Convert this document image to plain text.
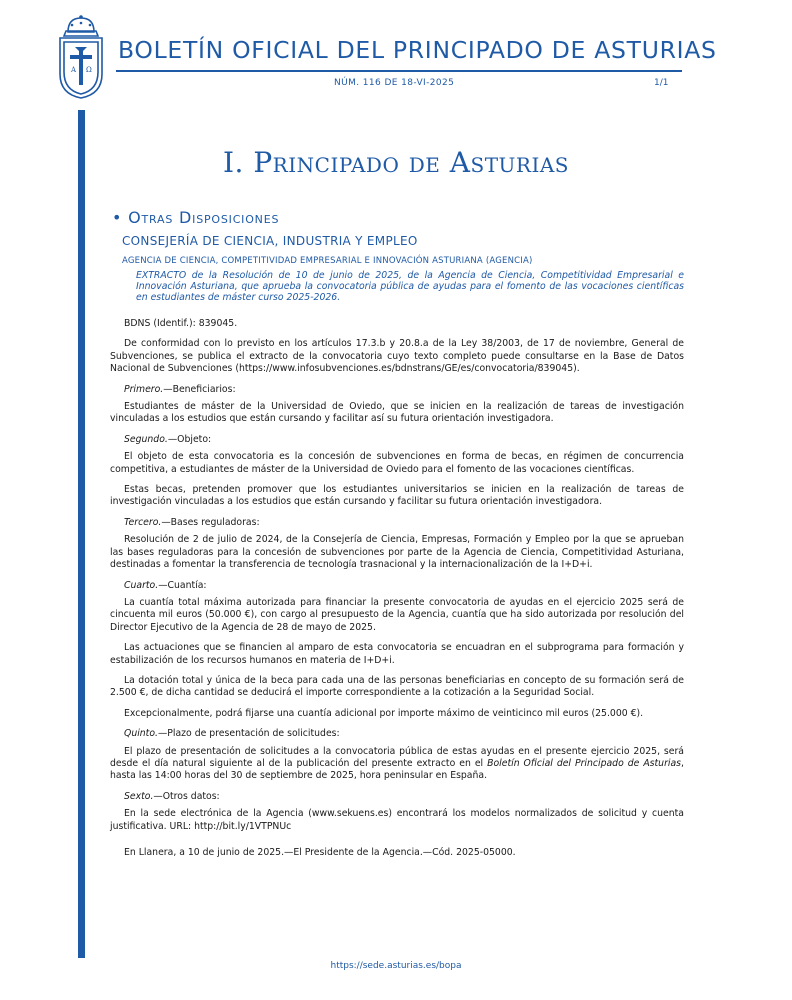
A Ω
Cód. 2025-05000
BOLETÍN OFICIAL DEL PRINCIPADO DE ASTURIAS
NÚM. 116 DE 18-VI-2025	1/1
I. Principado de Asturias
• Otras Disposiciones
CONSEJERÍA DE CIENCIA, INDUSTRIA Y EMPLEO
AGENCIA DE CIENCIA, COMPETITIVIDAD EMPRESARIAL E INNOVACIÓN ASTURIANA (AGENCIA)
EXTRACTO de la Resolución de 10 de junio de 2025, de la Agencia de Ciencia, Competitividad Empresarial e Innovación Asturiana, que aprueba la convocatoria pública de ayudas para el fomento de las vocaciones científicas en estudiantes de máster curso 2025-2026.

BDNS (Identif.): 839045.

De conformidad con lo previsto en los artículos 17.3.b y 20.8.a de la Ley 38/2003, de 17 de noviembre, General de Subvenciones, se publica el extracto de la convocatoria cuyo texto completo puede consultarse en la Base de Datos Nacional de Subvenciones (https://www.infosubvenciones.es/bdnstrans/GE/es/convocatoria/839045).

Primero.—Beneficiarios:

Estudiantes de máster de la Universidad de Oviedo, que se inicien en la realización de tareas de investigación vinculadas a los estudios que están cursando y facilitar así su futura orientación investigadora.

Segundo.—Objeto:

El objeto de esta convocatoria es la concesión de subvenciones en forma de becas, en régimen de concurrencia competitiva, a estudiantes de máster de la Universidad de Oviedo para el fomento de las vocaciones científicas.

Estas becas, pretenden promover que los estudiantes universitarios se inicien en la realización de tareas de investigación vinculadas a los estudios que están cursando y facilitar su futura orientación investigadora.

Tercero.—Bases reguladoras:

Resolución de 2 de julio de 2024, de la Consejería de Ciencia, Empresas, Formación y Empleo por la que se aprueban las bases reguladoras para la concesión de subvenciones por parte de la Agencia de Ciencia, Competitividad Asturiana, destinadas a fomentar la transferencia de tecnología trasnacional y la internacionalización de la I+D+i.

Cuarto.—Cuantía:

La cuantía total máxima autorizada para financiar la presente convocatoria de ayudas en el ejercicio 2025 será de cincuenta mil euros (50.000 €), con cargo al presupuesto de la Agencia, cuantía que ha sido autorizada por resolución del Director Ejecutivo de la Agencia de 28 de mayo de 2025.

Las actuaciones que se financien al amparo de esta convocatoria se encuadran en el subprograma para formación y estabilización de los recursos humanos en materia de I+D+i.

La dotación total y única de la beca para cada una de las personas beneficiarias en concepto de su formación será de 2.500 €, de dicha cantidad se deducirá el importe correspondiente a la cotización a la Seguridad Social.

Excepcionalmente, podrá fijarse una cuantía adicional por importe máximo de veinticinco mil euros (25.000 €).

Quinto.—Plazo de presentación de solicitudes:

El plazo de presentación de solicitudes a la convocatoria pública de estas ayudas en el presente ejercicio 2025, será desde el día natural siguiente al de la publicación del presente extracto en el Boletín Oficial del Principado de Asturias, hasta las 14:00 horas del 30 de septiembre de 2025, hora peninsular en España.

Sexto.—Otros datos:

En la sede electrónica de la Agencia (www.sekuens.es) encontrará los modelos normalizados de solicitud y cuenta justificativa. URL: http://bit.ly/1VTPNUc

En Llanera, a 10 de junio de 2025.—El Presidente de la Agencia.—Cód. 2025-05000.

https://sede.asturias.es/bopa
